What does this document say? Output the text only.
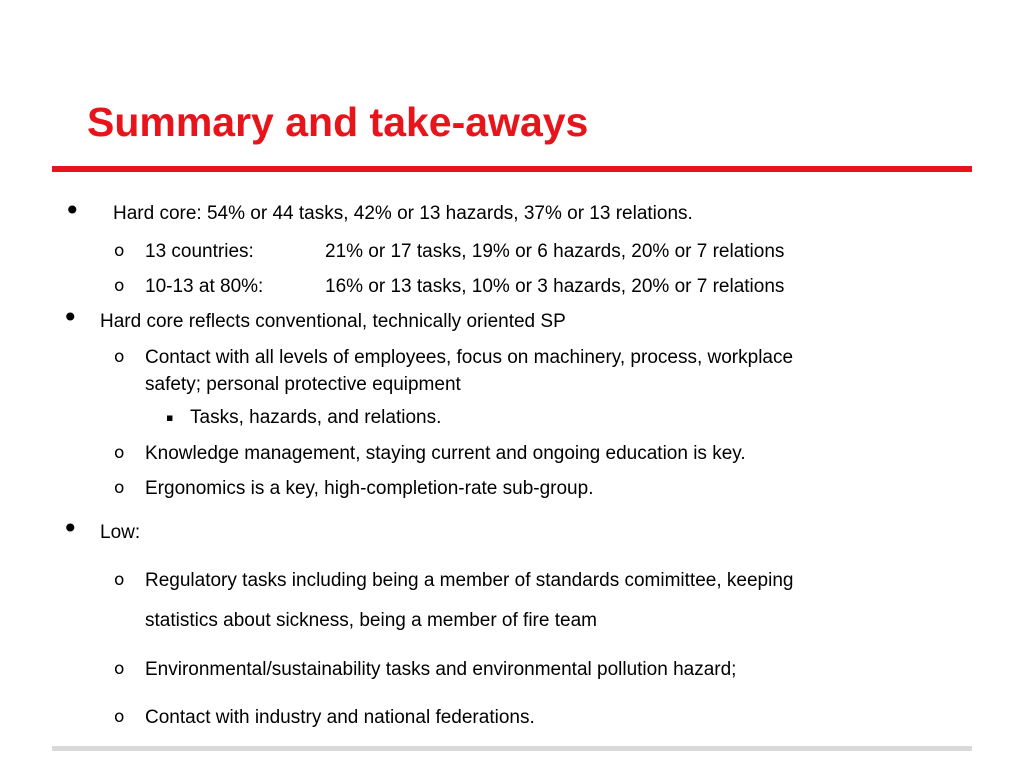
Summary and take-aways
• Hard core: 54% or 44 tasks, 42% or 13 hazards, 37% or 13 relations.
o 13 countries:	21% or 17 tasks, 19% or 6 hazards, 20% or 7 relations
o 10-13 at 80%:	16% or 13 tasks, 10% or 3 hazards, 20% or 7 relations
• Hard core reflects conventional, technically oriented SP
o Contact with all levels of employees, focus on machinery, process, workplace
safety; personal protective equipment
▪ Tasks, hazards, and relations.
o Knowledge management, staying current and ongoing education is key.
o Ergonomics is a key, high-completion-rate sub-group.
• Low:
o Regulatory tasks including being a member of standards comimittee, keeping
statistics about sickness, being a member of fire team
o Environmental/sustainability tasks and environmental pollution hazard;
o Contact with industry and national federations.
